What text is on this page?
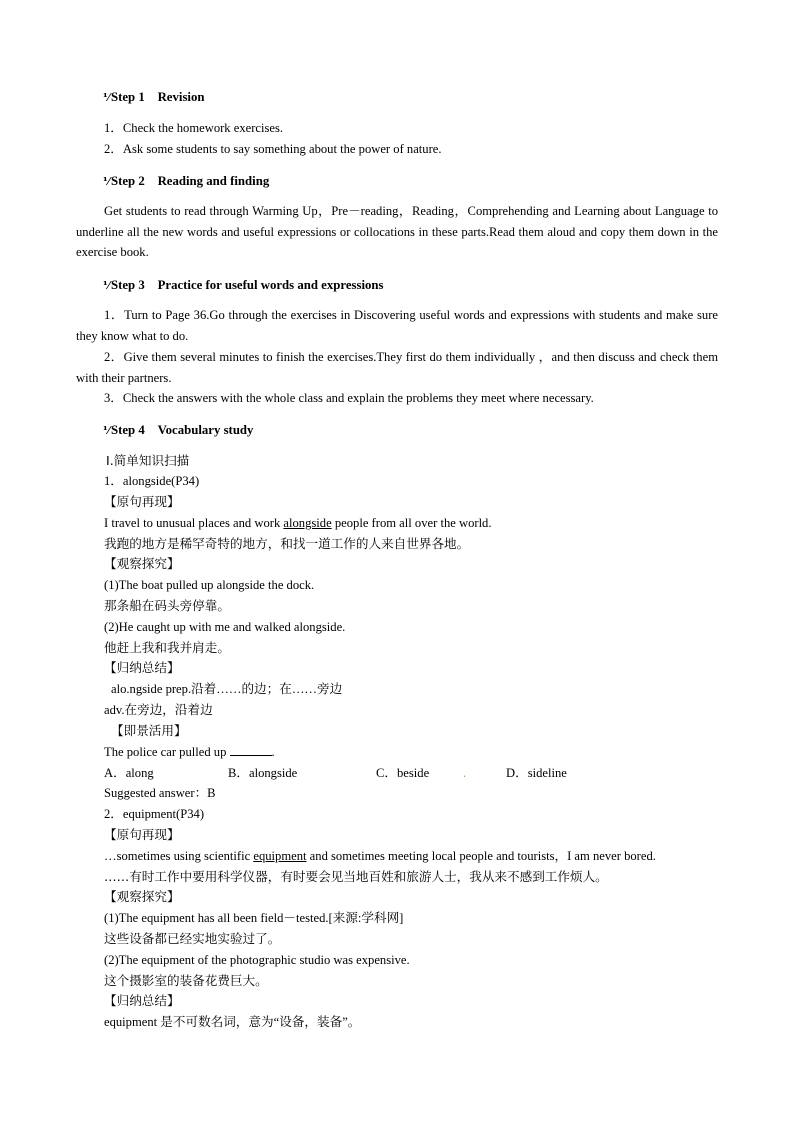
⅟Step 1 Revision
1．Check the homework exercises.
2．Ask some students to say something about the power of nature.
⅟Step 2 Reading and finding
Get students to read through Warming Up，Pre－reading，Reading，Comprehending and Learning about Language to underline all the new words and useful expressions or collocations in these parts.Read them aloud and copy them down in the exercise book.
⅟Step 3 Practice for useful words and expressions
1．Turn to Page 36.Go through the exercises in Discovering useful words and expressions with students and make sure they know what to do.
2．Give them several minutes to finish the exercises.They first do them individually ，and then discuss and check them with their partners.
3．Check the answers with the whole class and explain the problems they meet where necessary.
⅟Step 4 Vocabulary study
Ⅰ.简单知识扫描
1．alongside(P34)
【原句再现】
I travel to unusual places and work alongside people from all over the world.
我跑的地方是稀罕奇特的地方，和找一道工作的人来自世界各地。
【观察探究】
(1)The boat pulled up alongside the dock.
那条船在码头旁停靠。
(2)He caught up with me and walked alongside.
他赶上我和我并肩走。
【归纳总结】
alo.ngside prep.沿着……的边；在……旁边
adv.在旁边，沿着边
【即景活用】
The police car pulled up	.
A．along	B．alongside	C．beside	.	D．sideline
Suggested answer：B
2．equipment(P34)
【原句再现】
…sometimes using scientific equipment and sometimes meeting local people and tourists，I am never bored.
……有时工作中要用科学仪器，有时要会见当地百姓和旅游人士，我从来不感到工作烦人。
【观察探究】
(1)The equipment has all been field－tested.[来源:学科网]
这些设备都已经实地实验过了。
(2)The equipment of the photographic studio was expensive.
这个摄影室的装备花费巨大。
【归纳总结】
equipment 是不可数名词，意为“设备，装备”。
